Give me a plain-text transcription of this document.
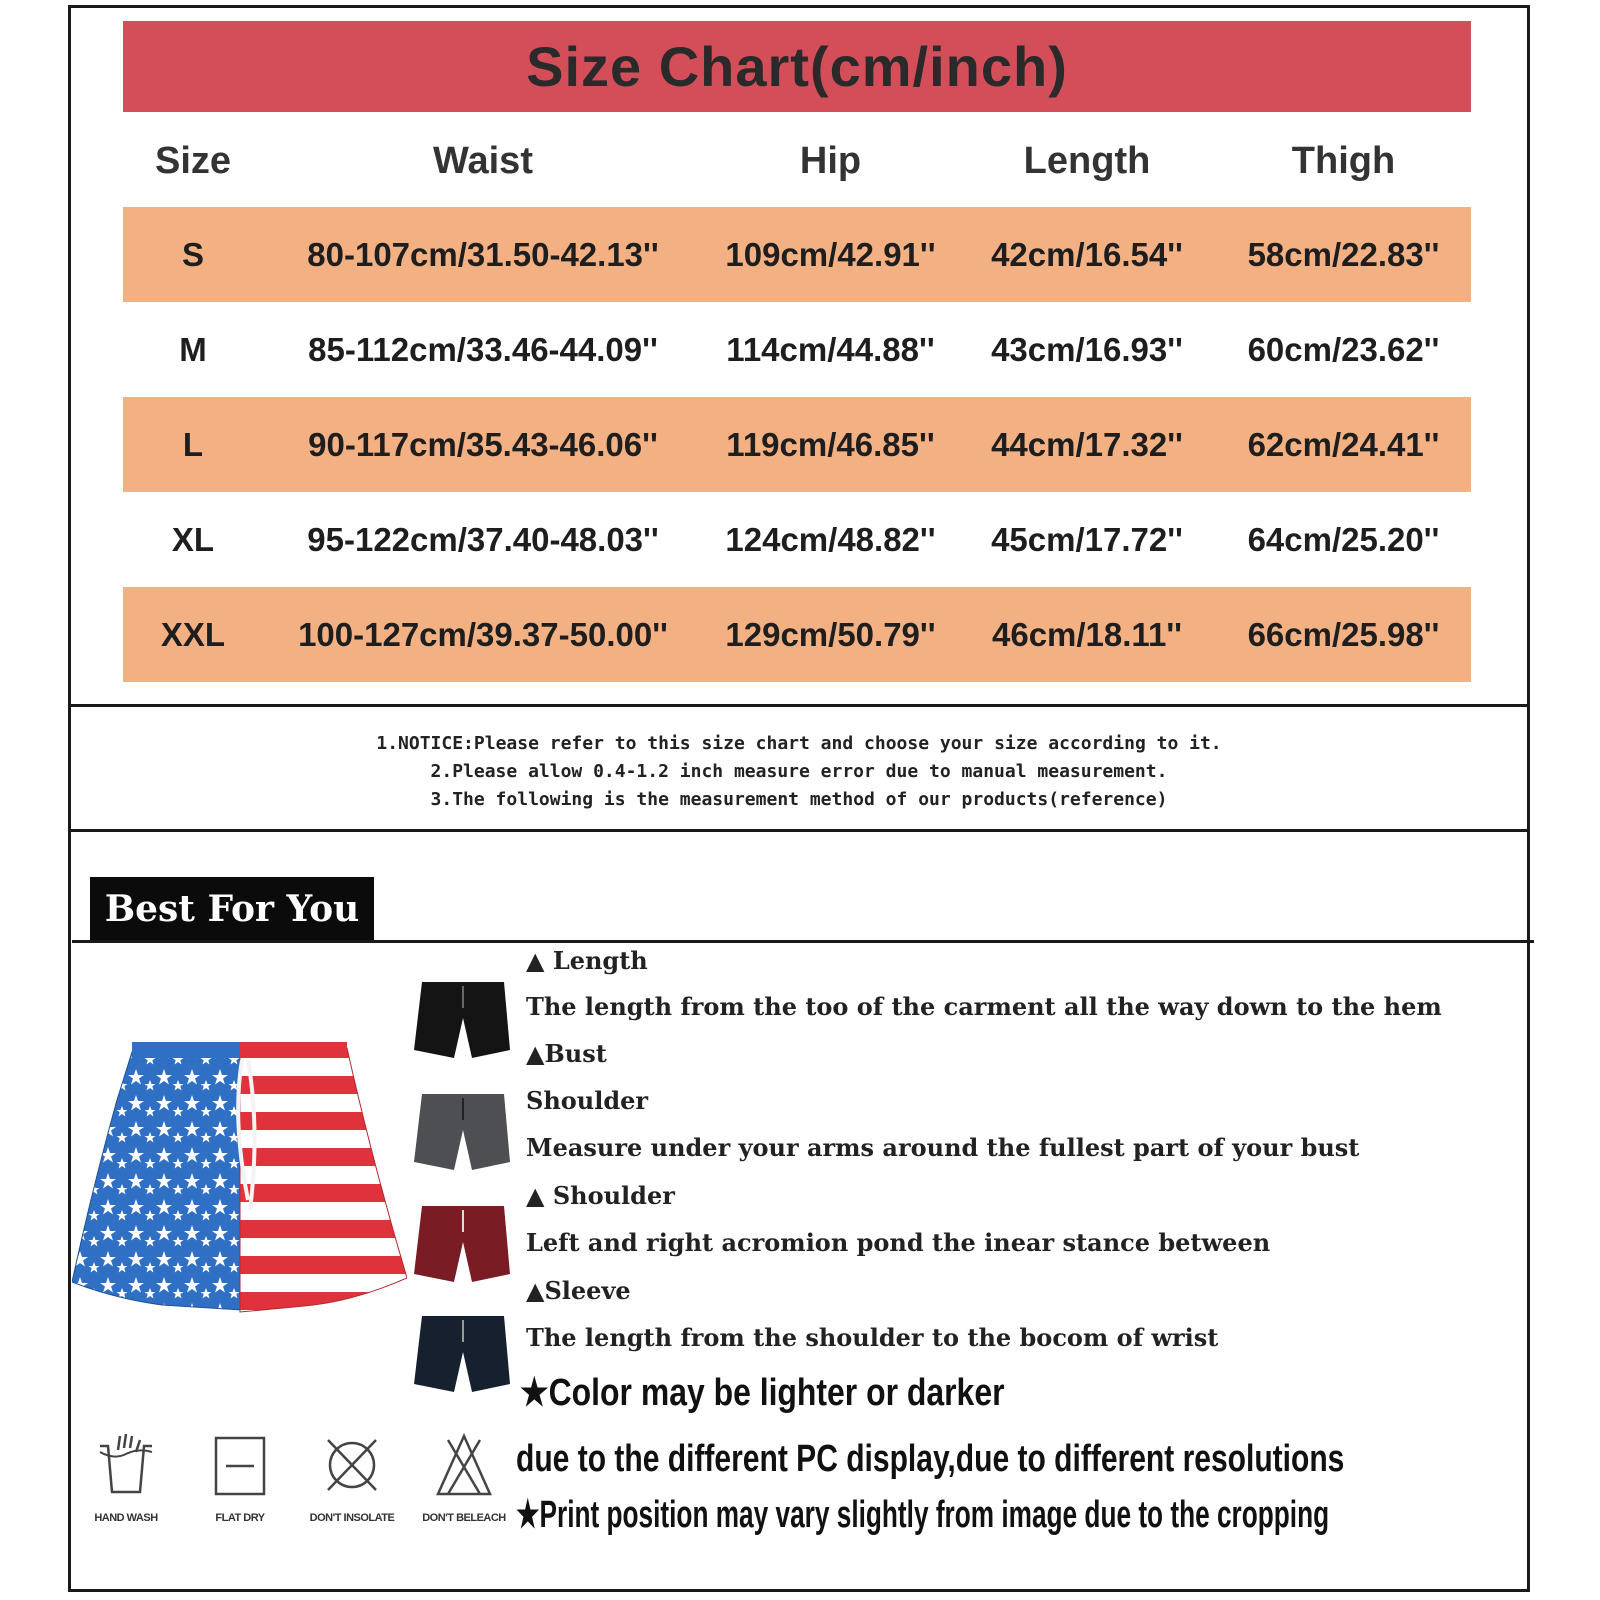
Size Chart(cm/inch)
Size	Waist	Hip	Length	Thigh
S	80-107cm/31.50-42.13''	109cm/42.91''	42cm/16.54''	58cm/22.83''
M	85-112cm/33.46-44.09''	114cm/44.88''	43cm/16.93''	60cm/23.62''
L	90-117cm/35.43-46.06''	119cm/46.85''	44cm/17.32''	62cm/24.41''
XL	95-122cm/37.40-48.03''	124cm/48.82''	45cm/17.72''	64cm/25.20''
XXL	100-127cm/39.37-50.00''	129cm/50.79''	46cm/18.11''	66cm/25.98''
1.NOTICE:Please refer to this size chart and choose your size according to it.
2.Please allow 0.4-1.2 inch measure error due to manual measurement.
3.The following is the measurement method of our products(reference)
Best For You
▲ Length
The length from the too of the carment all the way down to the hem
▲Bust
Shoulder
Measure under your arms around the fullest part of your bust
▲ Shoulder
Left and right acromion pond the inear stance between
▲Sleeve
The length from the shoulder to the bocom of wrist
★Color may be lighter or darker
due to the different PC display,due to different resolutions
★Print position may vary slightly from image due to the cropping
HAND WASH	FLAT DRY	DON'T INSOLATE	DON'T BELEACH
